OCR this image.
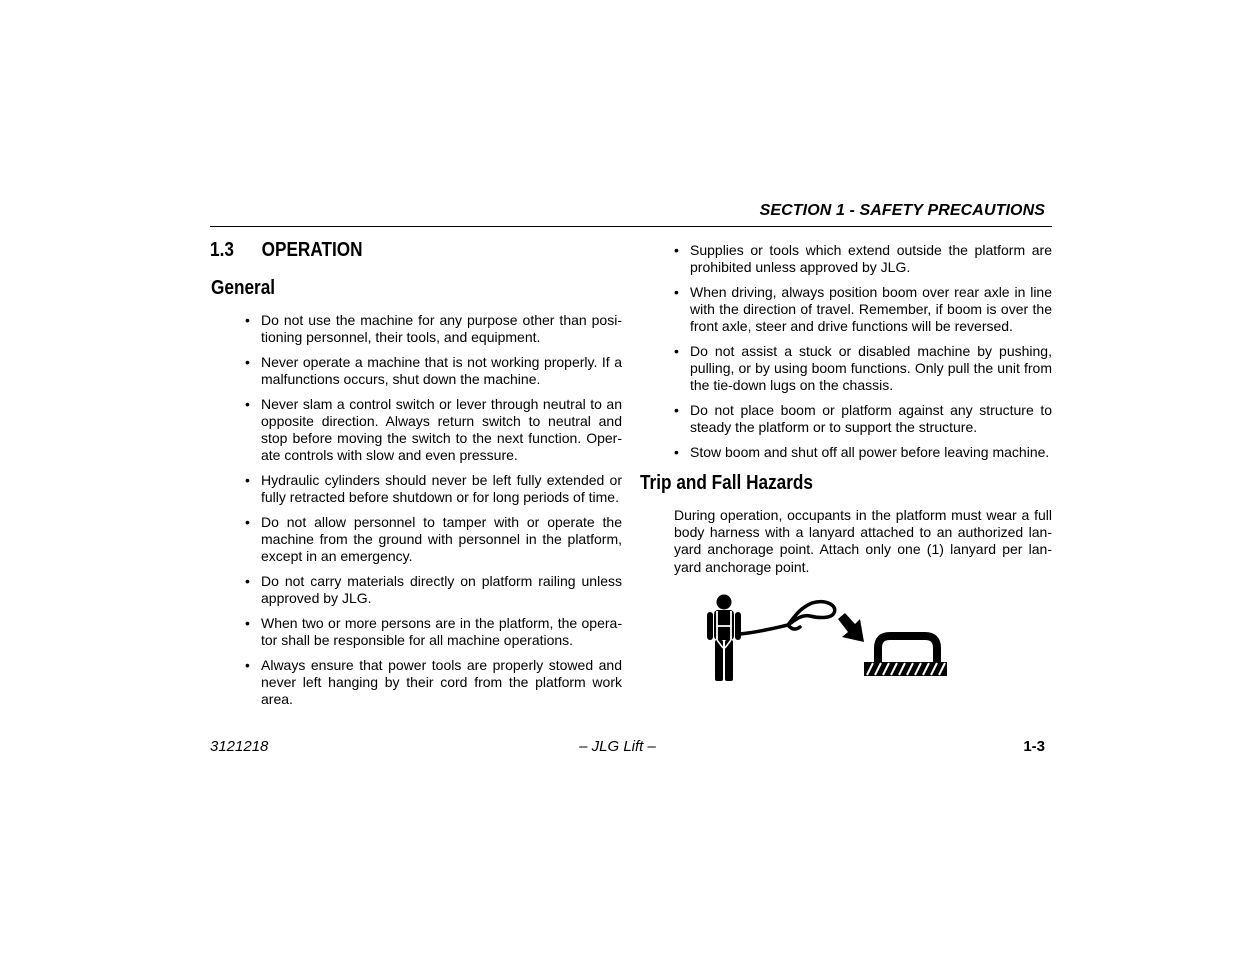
SECTION 1 - SAFETY PRECAUTIONS
1.3 OPERATION
General
• Do not use the machine for any purpose other than posi-tioning personnel, their tools, and equipment.
• Never operate a machine that is not working properly. If a malfunctions occurs, shut down the machine.
• Never slam a control switch or lever through neutral to an opposite direction. Always return switch to neutral and stop before moving the switch to the next function. Oper-ate controls with slow and even pressure.
• Hydraulic cylinders should never be left fully extended or fully retracted before shutdown or for long periods of time.
• Do not allow personnel to tamper with or operate the machine from the ground with personnel in the platform, except in an emergency.
• Do not carry materials directly on platform railing unless approved by JLG.
• When two or more persons are in the platform, the opera-tor shall be responsible for all machine operations.
• Always ensure that power tools are properly stowed and never left hanging by their cord from the platform work area.
• Supplies or tools which extend outside the platform are prohibited unless approved by JLG.
• When driving, always position boom over rear axle in line with the direction of travel. Remember, if boom is over the front axle, steer and drive functions will be reversed.
• Do not assist a stuck or disabled machine by pushing, pulling, or by using boom functions. Only pull the unit from the tie-down lugs on the chassis.
• Do not place boom or platform against any structure to steady the platform or to support the structure.
• Stow boom and shut off all power before leaving machine.
Trip and Fall Hazards
During operation, occupants in the platform must wear a full body harness with a lanyard attached to an authorized lan-yard anchorage point. Attach only one (1) lanyard per lan-yard anchorage point.
3121218	– JLG Lift –	1-3
